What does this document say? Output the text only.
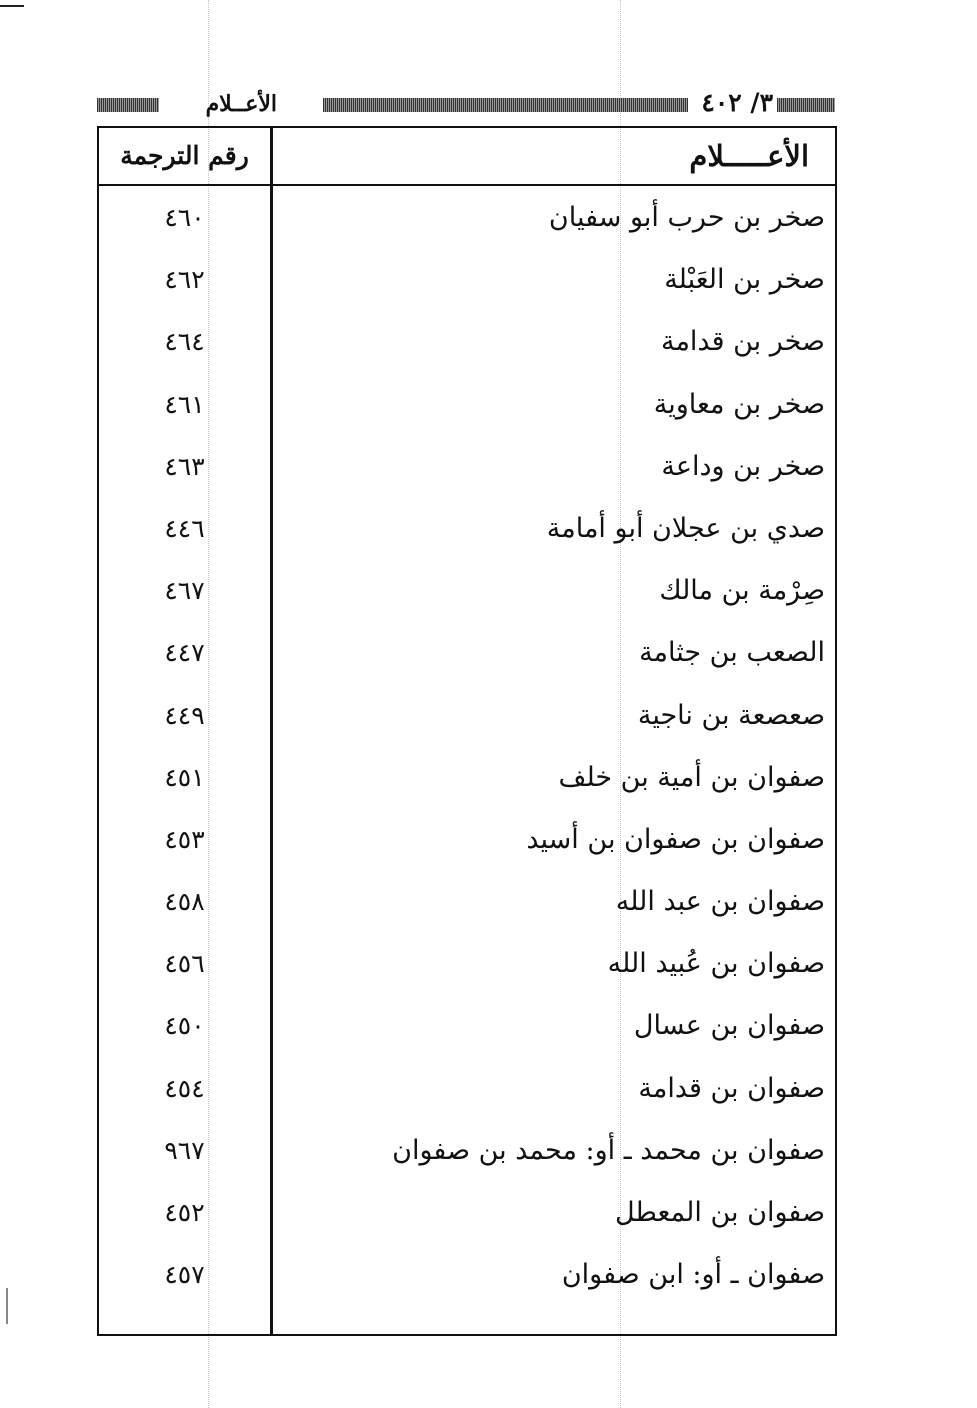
٣/ ٤٠٢
الأعــلام
الأعـــــلام
رقم الترجمة
صخر بن حرب أبو سفيان
٤٦٠
صخر بن العَبْلة
٤٦٢
صخر بن قدامة
٤٦٤
صخر بن معاوية
٤٦١
صخر بن وداعة
٤٦٣
صدي بن عجلان أبو أمامة
٤٤٦
صِرْمة بن مالك
٤٦٧
الصعب بن جثامة
٤٤٧
صعصعة بن ناجية
٤٤٩
صفوان بن أمية بن خلف
٤٥١
صفوان بن صفوان بن أسيد
٤٥٣
صفوان بن عبد الله
٤٥٨
صفوان بن عُبيد الله
٤٥٦
صفوان بن عسال
٤٥٠
صفوان بن قدامة
٤٥٤
صفوان بن محمد ـ أو: محمد بن صفوان
٩٦٧
صفوان بن المعطل
٤٥٢
صفوان ـ أو: ابن صفوان
٤٥٧
